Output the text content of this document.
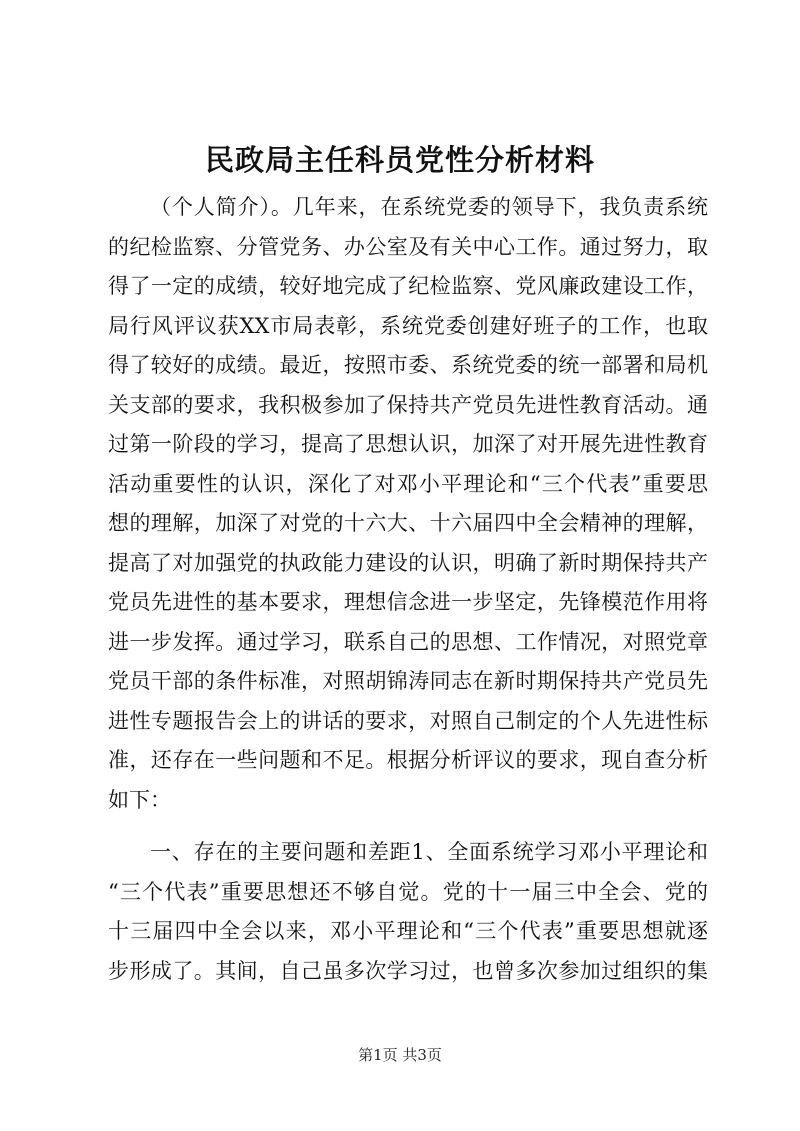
民政局主任科员党性分析材料
（个人简介）。几年来，在系统党委的领导下，我负责系统
的纪检监察、分管党务、办公室及有关中心工作。通过努力，取
得了一定的成绩，较好地完成了纪检监察、党风廉政建设工作，
局行风评议获XX市局表彰，系统党委创建好班子的工作，也取
得了较好的成绩。最近，按照市委、系统党委的统一部署和局机
关支部的要求，我积极参加了保持共产党员先进性教育活动。通
过第一阶段的学习，提高了思想认识，加深了对开展先进性教育
活动重要性的认识，深化了对邓小平理论和“三个代表”重要思
想的理解，加深了对党的十六大、十六届四中全会精神的理解，
提高了对加强党的执政能力建设的认识，明确了新时期保持共产
党员先进性的基本要求，理想信念进一步坚定，先锋模范作用将
进一步发挥。通过学习，联系自己的思想、工作情况，对照党章
党员干部的条件标准，对照胡锦涛同志在新时期保持共产党员先
进性专题报告会上的讲话的要求，对照自己制定的个人先进性标
准，还存在一些问题和不足。根据分析评议的要求，现自查分析
如下：
一、存在的主要问题和差距1、全面系统学习邓小平理论和
“三个代表”重要思想还不够自觉。党的十一届三中全会、党的
十三届四中全会以来，邓小平理论和“三个代表”重要思想就逐
步形成了。其间，自己虽多次学习过，也曾多次参加过组织的集
第1页 共3页
